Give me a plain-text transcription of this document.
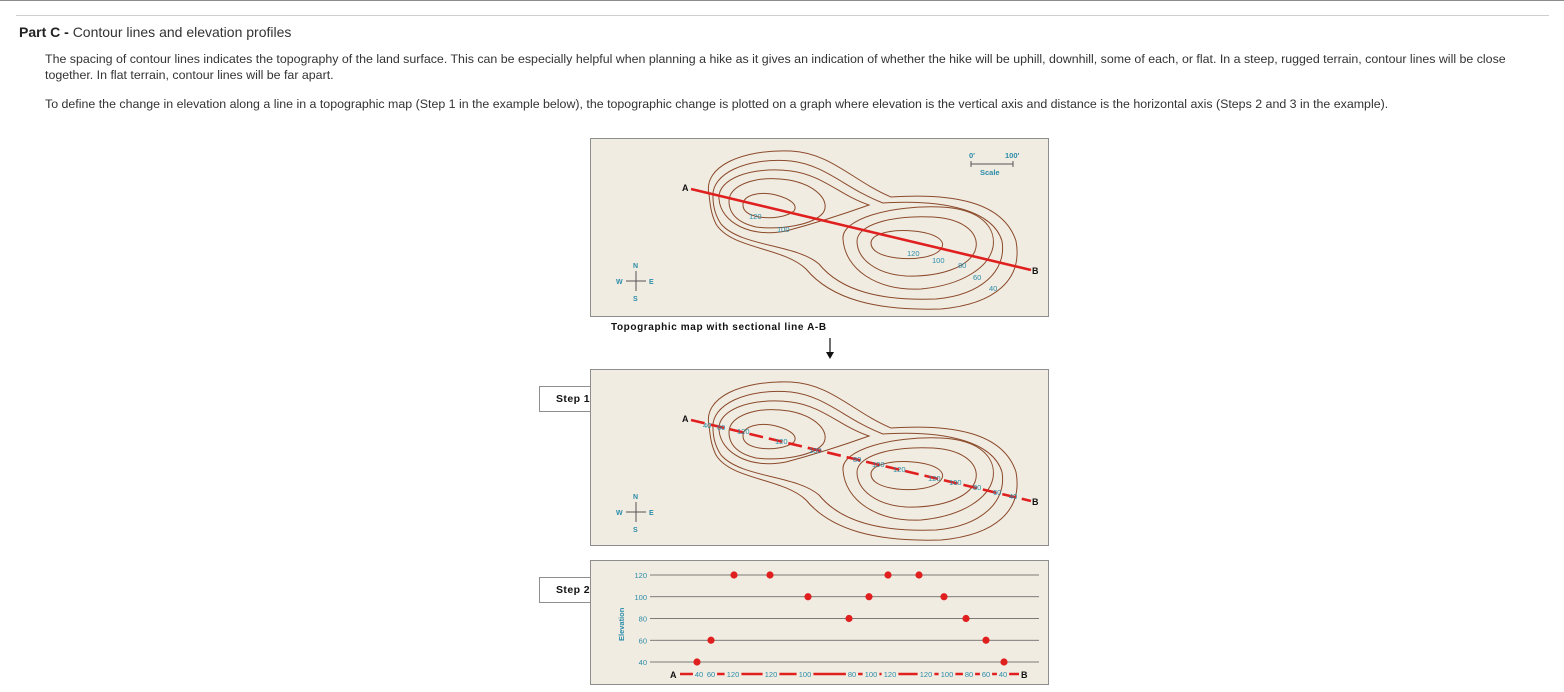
Part C - Contour lines and elevation profiles
The spacing of contour lines indicates the topography of the land surface. This can be especially helpful when planning a hike as it gives an indication of whether the hike will be uphill, downhill, some of each, or flat. In a steep, rugged terrain, contour lines will be close together. In flat terrain, contour lines will be far apart.
To define the change in elevation along a line in a topographic map (Step 1 in the example below), the topographic change is plotted on a graph where elevation is the vertical axis and distance is the horizontal axis (Steps 2 and 3 in the example).
A
B
120
100
120
100
80
60
40
0′	100′
Scale
N
S
E
W
Topographic map with sectional line A-B
Step 1
A
B
40 60 120
120
100
80
100
120
120 100
80
60 40
N
S
E
W
Step 2
Elevation
120
100
80
60
40
40 60 120	120	100	80 100 120	120 100 80 60 40
A	B
